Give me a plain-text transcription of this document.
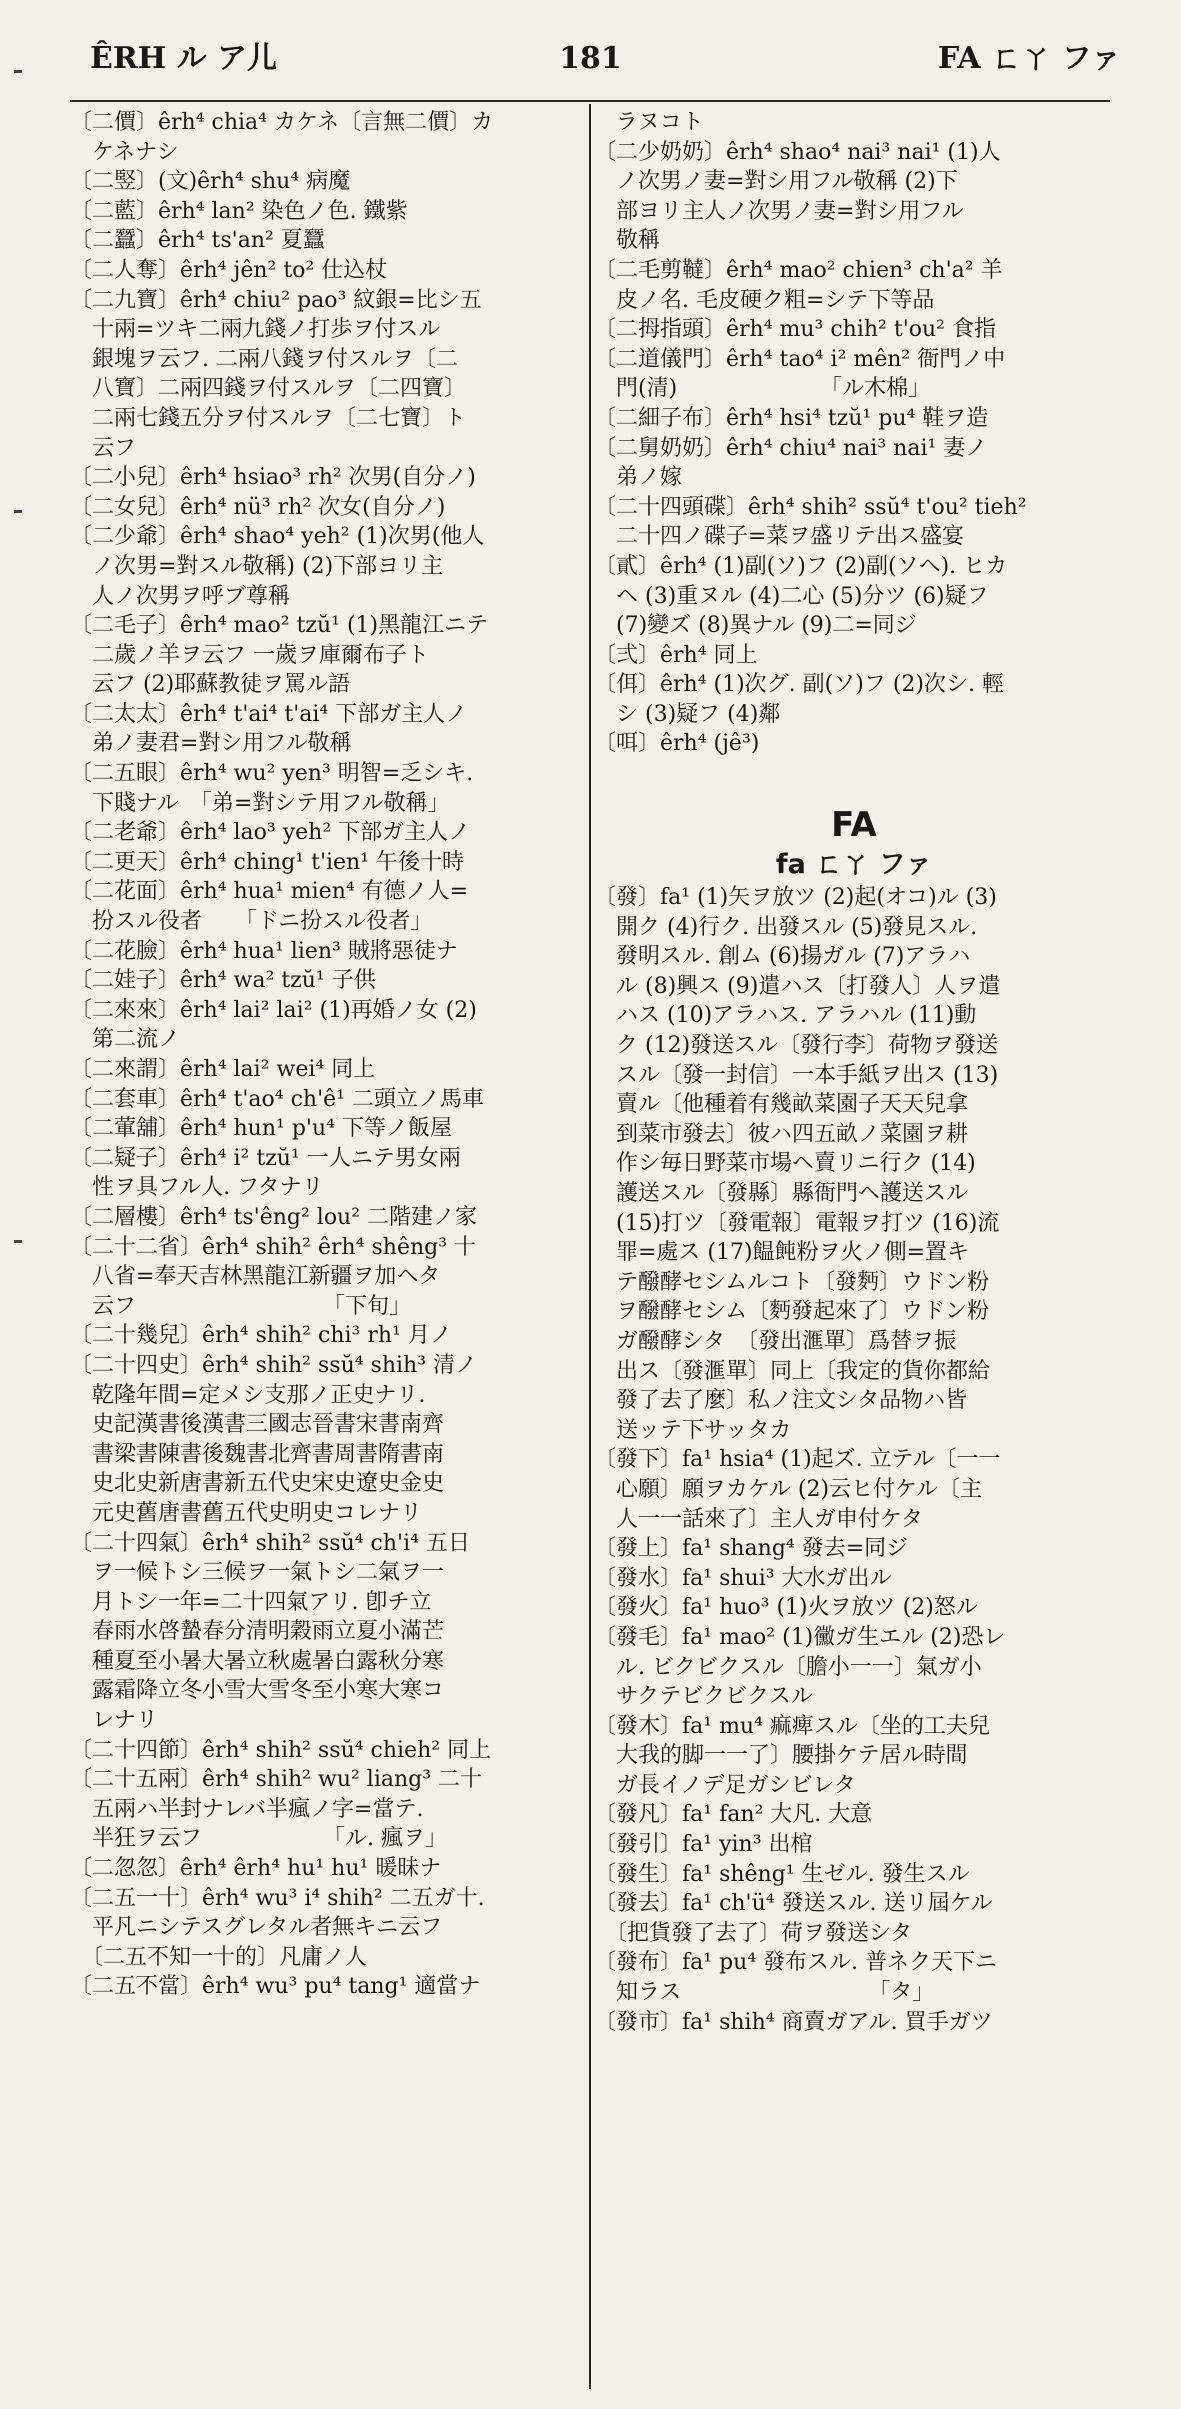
ÊRH ル ア儿	181	FA ㄈㄚ ファ
〔二價〕êrh⁴ chia⁴ カケネ〔言無二價〕カ
　ケネナシ
〔二竪〕(文)êrh⁴ shu⁴ 病魔
〔二藍〕êrh⁴ lan² 染色ノ色. 鐵紫
〔二蠶〕êrh⁴ ts'an² 夏蠶
〔二人奪〕êrh⁴ jên² to² 仕込杖
〔二九寶〕êrh⁴ chiu² pao³ 紋銀=比シ五
　十兩=ツキ二兩九錢ノ打歩ヲ付スル
　銀塊ヲ云フ. 二兩八錢ヲ付スルヲ〔二
　八寶〕二兩四錢ヲ付スルヲ〔二四寶〕
　二兩七錢五分ヲ付スルヲ〔二七寶〕ト
　云フ
〔二小兒〕êrh⁴ hsiao³ rh² 次男(自分ノ)
〔二女兒〕êrh⁴ nü³ rh² 次女(自分ノ)
〔二少爺〕êrh⁴ shao⁴ yeh² (1)次男(他人
　ノ次男=對スル敬稱) (2)下部ヨリ主
　人ノ次男ヲ呼ブ尊稱
〔二毛子〕êrh⁴ mao² tzŭ¹ (1)黑龍江ニテ
　二歲ノ羊ヲ云フ 一歲ヲ庫爾布子ト
　云フ (2)耶蘇教徒ヲ罵ル語
〔二太太〕êrh⁴ t'ai⁴ t'ai⁴ 下部ガ主人ノ
　弟ノ妻君=對シ用フル敬稱
〔二五眼〕êrh⁴ wu² yen³ 明智=乏シキ.
　下賤ナル　「弟=對シテ用フル敬稱」
〔二老爺〕êrh⁴ lao³ yeh² 下部ガ主人ノ
〔二更天〕êrh⁴ ching¹ t'ien¹ 午後十時
〔二花面〕êrh⁴ hua¹ mien⁴ 有德ノ人=
　扮スル役者　　「ドニ扮スル役者」
〔二花臉〕êrh⁴ hua¹ lien³ 賊將惡徒ナ
〔二娃子〕êrh⁴ wa² tzŭ¹ 子供
〔二來來〕êrh⁴ lai² lai² (1)再婚ノ女 (2)
　第二流ノ
〔二來謂〕êrh⁴ lai² wei⁴ 同上
〔二套車〕êrh⁴ t'ao⁴ ch'ê¹ 二頭立ノ馬車
〔二葷舖〕êrh⁴ hun¹ p'u⁴ 下等ノ飯屋
〔二疑子〕êrh⁴ i² tzŭ¹ 一人ニテ男女兩
　性ヲ具フル人. フタナリ
〔二層樓〕êrh⁴ ts'êng² lou² 二階建ノ家
〔二十二省〕êrh⁴ shih² êrh⁴ shêng³ 十
　八省=奉天吉林黑龍江新疆ヲ加ヘタ
　云フ　　　　　　　　　「下旬」
〔二十幾兒〕êrh⁴ shih² chi³ rh¹ 月ノ
〔二十四史〕êrh⁴ shih² ssŭ⁴ shih³ 清ノ
　乾隆年間=定メシ支那ノ正史ナリ.
　史記漢書後漢書三國志晉書宋書南齊
　書梁書陳書後魏書北齊書周書隋書南
　史北史新唐書新五代史宋史遼史金史
　元史舊唐書舊五代史明史コレナリ
〔二十四氣〕êrh⁴ shih² ssŭ⁴ ch'i⁴ 五日
　ヲ一候トシ三候ヲ一氣トシ二氣ヲ一
　月トシ一年=二十四氣アリ. 卽チ立
　春雨水啓蟄春分清明穀雨立夏小滿芒
　種夏至小暑大暑立秋處暑白露秋分寒
　露霜降立冬小雪大雪冬至小寒大寒コ
　レナリ
〔二十四節〕êrh⁴ shih² ssŭ⁴ chieh² 同上
〔二十五兩〕êrh⁴ shih² wu² liang³ 二十
　五兩ハ半封ナレバ半瘋ノ字=當テ.
　半狂ヲ云フ　　　　　　「ル. 瘋ヲ」
〔二忽忽〕êrh⁴ êrh⁴ hu¹ hu¹ 暖昧ナ
〔二五一十〕êrh⁴ wu³ i⁴ shih² 二五ガ十.
　平凡ニシテスグレタル者無キニ云フ
　〔二五不知一十的〕凡庸ノ人
〔二五不當〕êrh⁴ wu³ pu⁴ tang¹ 適當ナ
　ラヌコト
〔二少奶奶〕êrh⁴ shao⁴ nai³ nai¹ (1)人
　ノ次男ノ妻=對シ用フル敬稱 (2)下
　部ヨリ主人ノ次男ノ妻=對シ用フル
　敬稱
〔二毛剪韃〕êrh⁴ mao² chien³ ch'a² 羊
　皮ノ名. 毛皮硬ク粗=シテ下等品
〔二拇指頭〕êrh⁴ mu³ chih² t'ou² 食指
〔二道儀門〕êrh⁴ tao⁴ i² mên² 衙門ノ中
　門(清)　　　　　　　「ル木棉」
〔二細子布〕êrh⁴ hsi⁴ tzŭ¹ pu⁴ 鞋ヲ造
〔二舅奶奶〕êrh⁴ chiu⁴ nai³ nai¹ 妻ノ
　弟ノ嫁
〔二十四頭碟〕êrh⁴ shih² ssŭ⁴ t'ou² tieh²
　二十四ノ碟子=菜ヲ盛リテ出ス盛宴
〔貳〕êrh⁴ (1)副(ソ)フ (2)副(ソヘ). ヒカ
　ヘ (3)重ヌル (4)二心 (5)分ツ (6)疑フ
　(7)變ズ (8)異ナル (9)二=同ジ
〔弍〕êrh⁴ 同上
〔佴〕êrh⁴ (1)次グ. 副(ソ)フ (2)次シ. 輕
　シ (3)疑フ (4)鄰
〔咡〕êrh⁴ (jê³)
FA
fa ㄈㄚ ファ
〔發〕fa¹ (1)矢ヲ放ツ (2)起(オコ)ル (3)
　開ク (4)行ク. 出發スル (5)發見スル.
　發明スル. 創ム (6)揚ガル (7)アラハ
　ル (8)興ス (9)遣ハス〔打發人〕人ヲ遣
　ハス (10)アラハス. アラハル (11)動
　ク (12)發送スル〔發行李〕荷物ヲ發送
　スル〔發一封信〕一本手紙ヲ出ス (13)
　賣ル〔他種着有幾畝菜園子天天兒拿
　到菜市發去〕彼ハ四五畝ノ菜園ヲ耕
　作シ毎日野菜市場ヘ賣リニ行ク (14)
　護送スル〔發縣〕縣衙門ヘ護送スル
　(15)打ツ〔發電報〕電報ヲ打ツ (16)流
　罪=處ス (17)饂飩粉ヲ火ノ側=置キ
　テ醱酵セシムルコト〔發麪〕ウドン粉
　ヲ醱酵セシム〔麪發起來了〕ウドン粉
　ガ醱酵シタ　〔發出滙單〕爲替ヲ振
　出ス〔發滙單〕同上〔我定的貨你都給
　發了去了麼〕私ノ注文シタ品物ハ皆
　送ッテ下サッタカ
〔發下〕fa¹ hsia⁴ (1)起ズ. 立テル〔一一
　心願〕願ヲカケル (2)云ヒ付ケル〔主
　人一一話來了〕主人ガ申付ケタ
〔發上〕fa¹ shang⁴ 發去=同ジ
〔發水〕fa¹ shui³ 大水ガ出ル
〔發火〕fa¹ huo³ (1)火ヲ放ツ (2)怒ル
〔發毛〕fa¹ mao² (1)黴ガ生エル (2)恐レ
　ル. ビクビクスル〔膽小一一〕氣ガ小
　サクテビクビクスル
〔發木〕fa¹ mu⁴ 痲痺スル〔坐的工夫兒
　大我的脚一一了〕腰掛ケテ居ル時間
　ガ長イノデ足ガシビレタ
〔發凡〕fa¹ fan² 大凡. 大意
〔發引〕fa¹ yin³ 出棺
〔發生〕fa¹ shêng¹ 生ゼル. 發生スル
〔發去〕fa¹ ch'ü⁴ 發送スル. 送リ屆ケル
　〔把貨發了去了〕荷ヲ發送シタ
〔發布〕fa¹ pu⁴ 發布スル. 普ネク天下ニ
　知ラス　　　　　　　　　「タ」
〔發市〕fa¹ shih⁴ 商賣ガアル. 買手ガツ
